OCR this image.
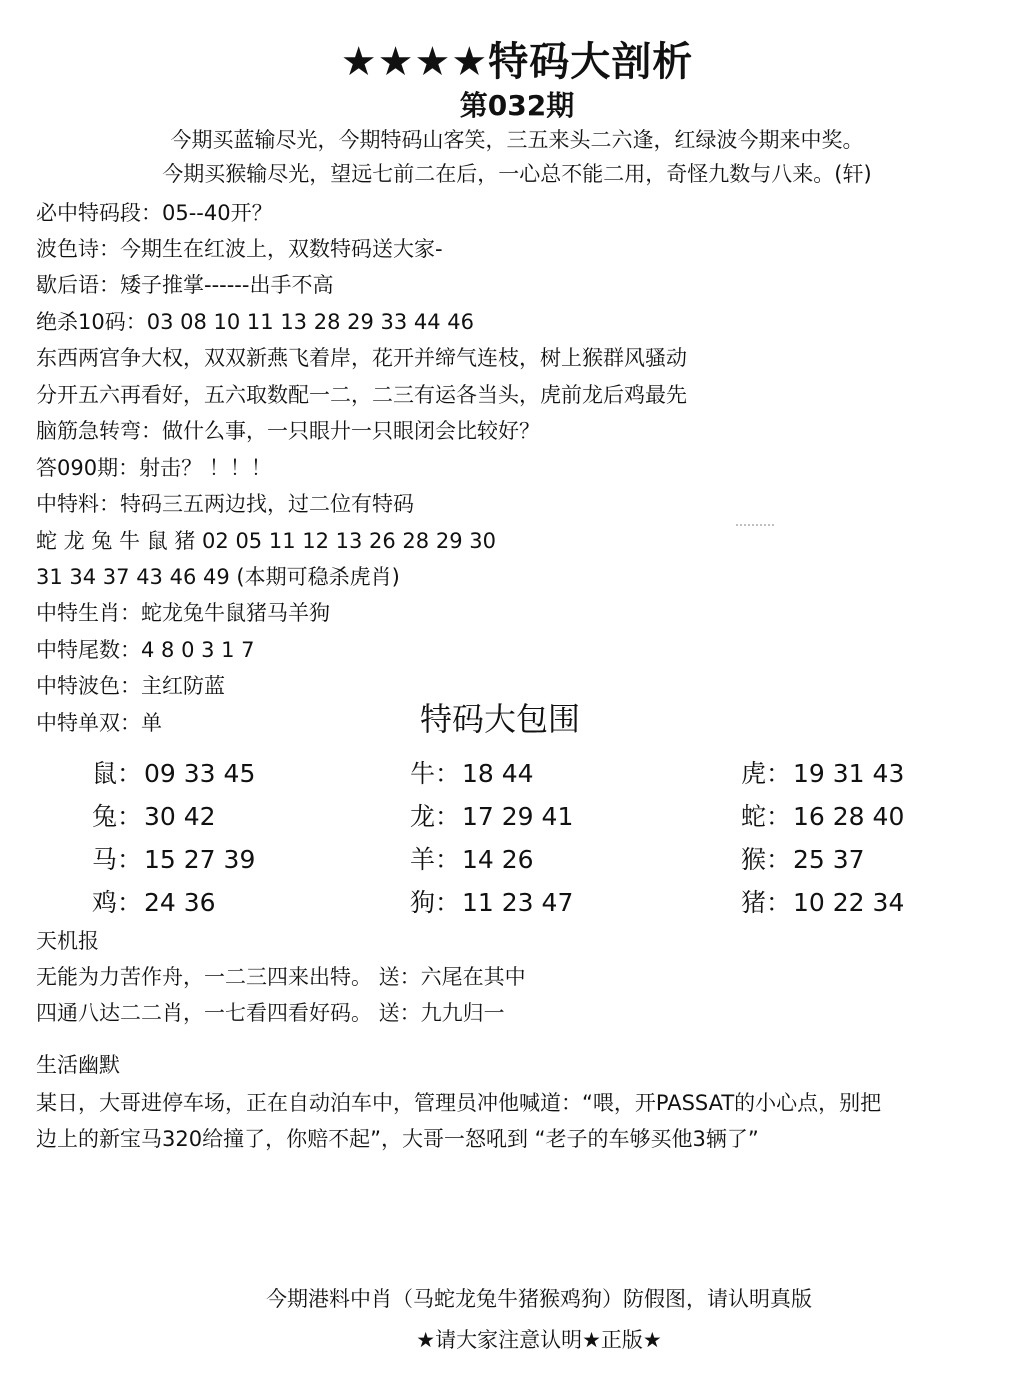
★★★★特码大剖析
第032期
今期买蓝输尽光，今期特码山客笑，三五来头二六逢，红绿波今期来中奖。
今期买猴输尽光，望远七前二在后，一心总不能二用，奇怪九数与八来。(轩)
必中特码段：05--40开？
波色诗：今期生在红波上，双数特码送大家-
歇后语：矮子推掌------出手不高
绝杀10码：03 08 10 11 13 28 29 33 44 46
东西两宫争大权，双双新燕飞着岸，花开并缔气连枝，树上猴群风骚动
分开五六再看好，五六取数配一二，二三有运各当头，虎前龙后鸡最先
脑筋急转弯：做什么事，一只眼廾一只眼闭会比较好？
答090期：射击？ ！！！
中特料：特码三五两边找，过二位有特码
蛇 龙 兔 牛 鼠 猪 02 05 11 12 13 26 28 29 30
31 34 37 43 46 49 (本期可稳杀虎肖)
中特生肖：蛇龙兔牛鼠猪马羊狗
中特尾数：4 8 0 3 1 7
中特波色：主红防蓝
中特单双：单	特码大包围
鼠：09 33 45	牛：18 44	虎：19 31 43
兔：30 42	龙：17 29 41	蛇：16 28 40
马：15 27 39	羊：14 26	猴：25 37
鸡：24 36	狗：11 23 47	猪：10 22 34
天机报
无能为力苦作舟，一二三四来出特。 送：六尾在其中
四通八达二二肖，一七看四看好码。 送：九九归一
生活幽默
某日，大哥进停车场，正在自动泊车中，管理员冲他喊道：“喂，开PASSAT的小心点，别把
边上的新宝马320给撞了，你赔不起”，大哥一怒吼到 “老子的车够买他3辆了”
今期港料中肖（马蛇龙兔牛猪猴鸡狗）防假图，请认明真版
★请大家注意认明★正版★
